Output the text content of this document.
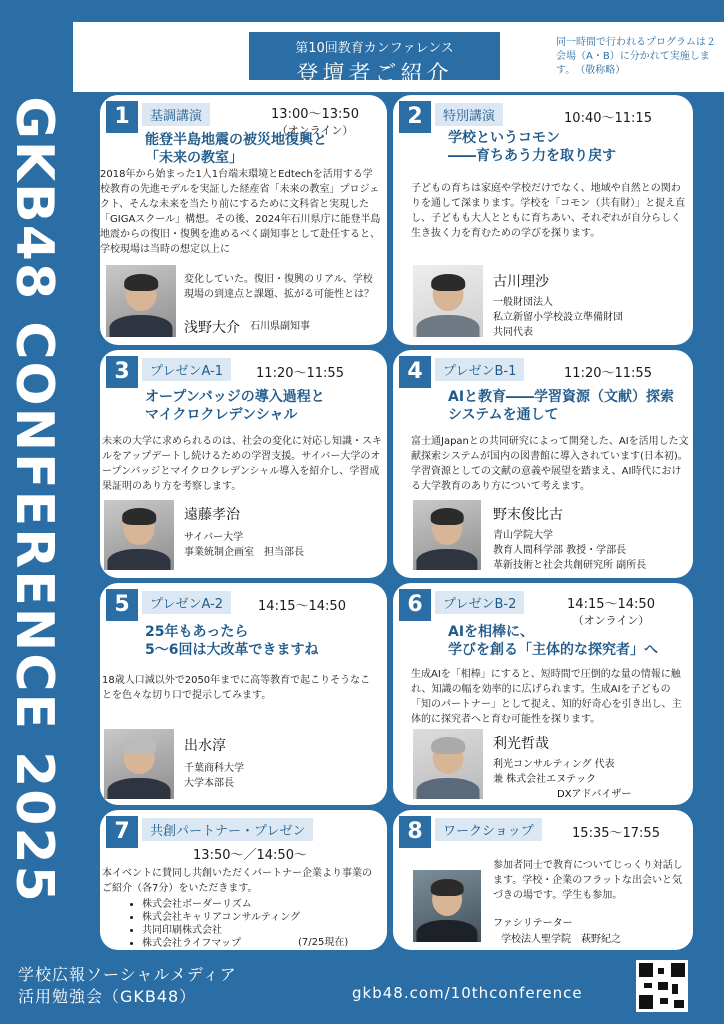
GKB48 CONFERENCE 2025
第10回教育カンファレンス
登壇者ご紹介
同一時間で行われるプログラムは２会場（A・B）に分かれて実施します。　（敬称略）
1	基調講演	13:00〜13:50
（オンライン）
能登半島地震の被災地復興と
「未来の教室」
2018年から始まった1人1台端末環境とEdtechを活用する学校教育の先進モデルを実証した経産省「未来の教室」プロジェクト、そんな未来を当たり前にするために文科省と実現した「GIGAスクール」構想。その後、2024年石川県庁に能登半島地震からの復旧・復興を進めるべく副知事として赴任すると、学校現場は当時の想定以上に
変化していた。復旧・復興のリアル、学校現場の到達点と課題、拡がる可能性とは？
浅野大介 石川県副知事
2	特別講演	10:40〜11:15
学校というコモン
――育ちあう力を取り戻す
子どもの育ちは家庭や学校だけでなく、地域や自然との関わりを通して深まります。学校を「コモン（共有財）」と捉え直し、子どもも大人とともに育ちあい、それぞれが自分らしく生き抜く力を育むための学びを探ります。
古川理沙
一般財団法人
私立新留小学校設立準備財団
共同代表
3	プレゼンA-1	11:20〜11:55
オープンバッジの導入過程と
マイクロクレデンシャル
未来の大学に求められるのは、社会の変化に対応し知識・スキルをアップデートし続けるための学習支援。サイバー大学のオープンバッジとマイクロクレデンシャル導入を紹介し、学習成果証明のあり方を考察します。
遠藤孝治
サイバー大学
事業統制企画室　担当部長
4	プレゼンB-1	11:20〜11:55
AIと教育――学習資源（文献）探索
システムを通して
富士通Japanとの共同研究によって開発した、AIを活用した文献探索システムが国内の図書館に導入されています(日本初)。学習資源としての文献の意義や展望を踏まえ、AI時代における大学教育のあり方について考えます。
野末俊比古
青山学院大学
教育人間科学部 教授・学部長
革新技術と社会共創研究所 副所長
5	プレゼンA-2	14:15〜14:50
25年もあったら
5〜6回は大改革できますね
18歳人口減以外で2050年までに高等教育で起こりそうなことを色々な切り口で提示してみます。
出水淳
千葉商科大学
大学本部長
6	プレゼンB-2	14:15〜14:50
（オンライン）
AIを相棒に、
学びを創る「主体的な探究者」へ
生成AIを「相棒」にすると、短時間で圧倒的な量の情報に触れ、知識の幅を効率的に広げられます。生成AIを子どもの「知のパートナー」として捉え、知的好奇心を引き出し、主体的に探究者へと育む可能性を探ります。
利光哲哉
利光コンサルティング 代表
兼 株式会社エヌテック
DXアドバイザー
7	共創パートナー・プレゼン
13:50〜／14:50〜
本イベントに賛同し共創いただくパートナー企業より事業のご紹介（各7分）をいただきます。
• 株式会社ボーダーリズム
• 株式会社キャリアコンサルティング
• 共同印刷株式会社
• 株式会社ライフマップ	(7/25現在)
8	ワークショップ	15:35〜17:55
参加者同士で教育についてじっくり対話します。学校・企業のフラットな出会いと気づきの場です。学生も参加。
ファシリテーター
学校法人聖学院　萩野紀之
学校広報ソーシャルメディア
活用勉強会（GKB48）	gkb48.com/10thconference
